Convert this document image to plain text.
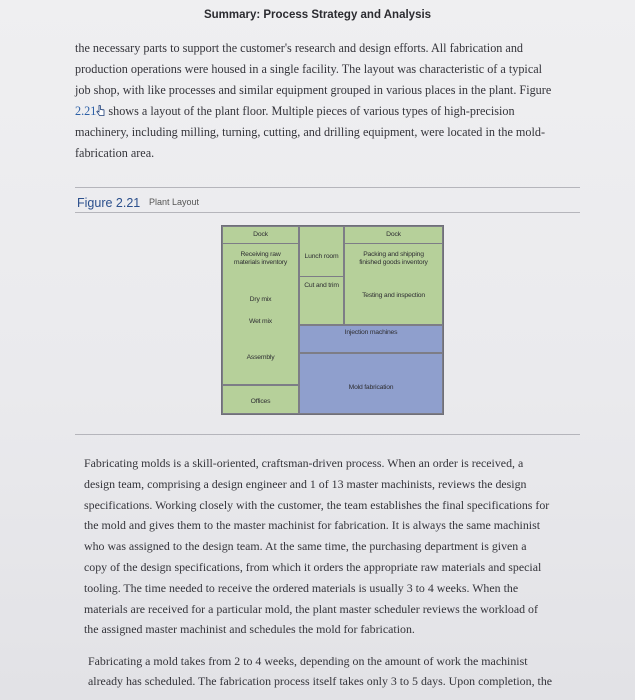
Summary: Process Strategy and Analysis
the necessary parts to support the customer's research and design efforts. All fabrication and
production operations were housed in a single facility. The layout was characteristic of a typical
job shop, with like processes and similar equipment grouped in various places in the plant. Figure
2.21 shows a layout of the plant floor. Multiple pieces of various types of high-precision
machinery, including milling, turning, cutting, and drilling equipment, were located in the mold-
fabrication area.
Figure 2.21 Plant Layout
Dock
Receiving raw materials inventory
Dry mix
Wet mix
Assembly
Offices
Lunch room
Cut and trim
Dock
Packing and shipping finished goods inventory
Testing and inspection
Injection machines
Mold fabrication
Fabricating molds is a skill-oriented, craftsman-driven process. When an order is received, a
design team, comprising a design engineer and 1 of 13 master machinists, reviews the design
specifications. Working closely with the customer, the team establishes the final specifications for
the mold and gives them to the master machinist for fabrication. It is always the same machinist
who was assigned to the design team. At the same time, the purchasing department is given a
copy of the design specifications, from which it orders the appropriate raw materials and special
tooling. The time needed to receive the ordered materials is usually 3 to 4 weeks. When the
materials are received for a particular mold, the plant master scheduler reviews the workload of
the assigned master machinist and schedules the mold for fabrication.
Fabricating a mold takes from 2 to 4 weeks, depending on the amount of work the machinist
already has scheduled. The fabrication process itself takes only 3 to 5 days. Upon completion, the
